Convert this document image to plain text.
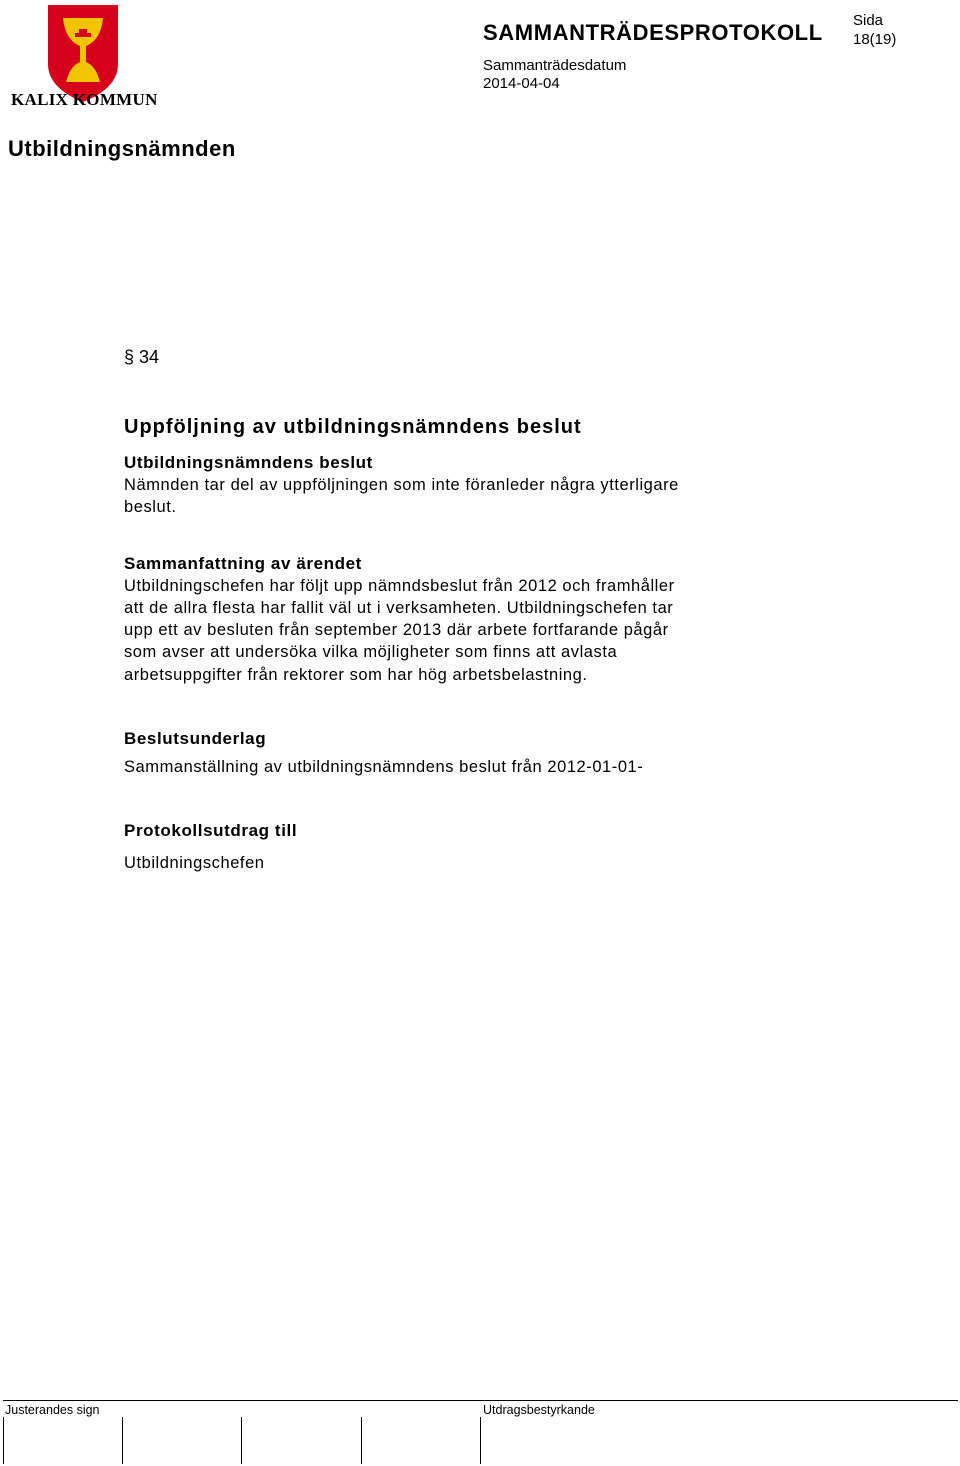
KALIX KOMMUN
SAMMANTRÄDESPROTOKOLL Sida
18(19)
Sammanträdesdatum
2014-04-04
Utbildningsnämnden
§ 34
Uppföljning av utbildningsnämndens beslut
Utbildningsnämndens beslut
Nämnden tar del av uppföljningen som inte föranleder några ytterligare
beslut.
Sammanfattning av ärendet
Utbildningschefen har följt upp nämndsbeslut från 2012 och framhåller
att de allra flesta har fallit väl ut i verksamheten. Utbildningschefen tar
upp ett av besluten från september 2013 där arbete fortfarande pågår
som avser att undersöka vilka möjligheter som finns att avlasta
arbetsuppgifter från rektorer som har hög arbetsbelastning.
Beslutsunderlag
Sammanställning av utbildningsnämndens beslut från 2012-01-01-
Protokollsutdrag till
Utbildningschefen
Justerandes sign	Utdragsbestyrkande
